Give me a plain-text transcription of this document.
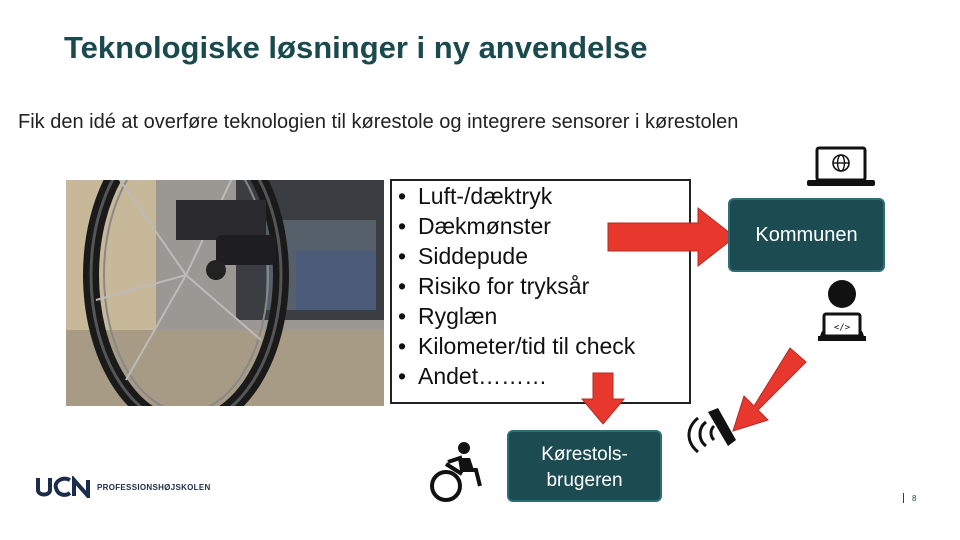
Teknologiske løsninger i ny anvendelse
Fik den idé at overføre teknologien til kørestole og integrere sensorer i kørestolen
• Luft-/dæktryk
• Dækmønster
• Siddepude
• Risiko for tryksår
• Ryglæn
• Kilometer/tid til check
• Andet………
Kommunen
Kørestols-
brugeren
</>
PROFESSIONSHØJSKOLEN
8
